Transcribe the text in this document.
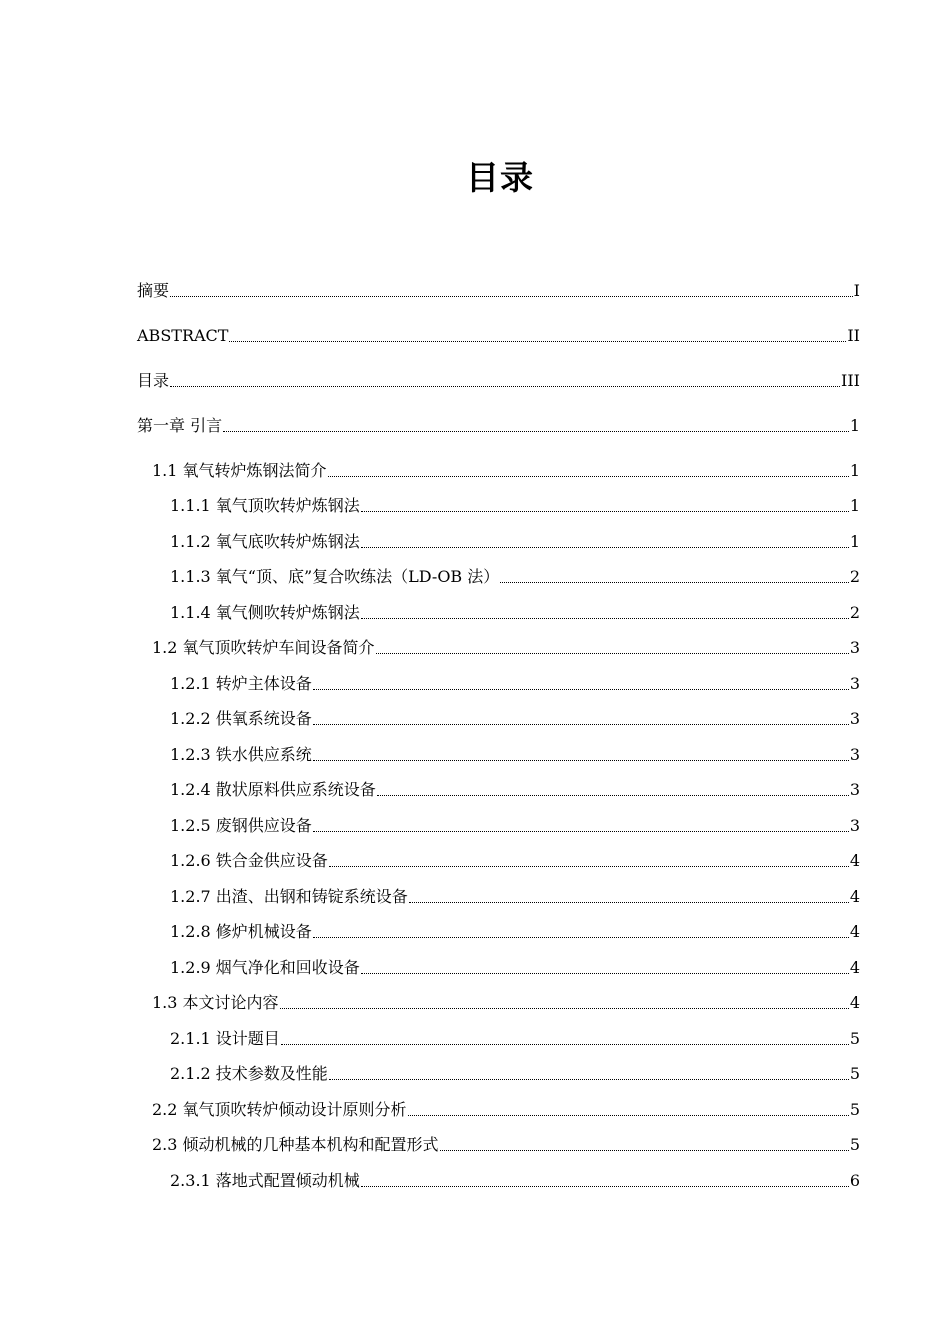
目录
摘要	I
ABSTRACT	II
目录	III
第一章 引言	1
1.1 氧气转炉炼钢法简介	1
1.1.1 氧气顶吹转炉炼钢法	1
1.1.2 氧气底吹转炉炼钢法	1
1.1.3 氧气“顶、底”复合吹练法（LD-OB 法）	2
1.1.4 氧气侧吹转炉炼钢法	2
1.2 氧气顶吹转炉车间设备简介	3
1.2.1 转炉主体设备	3
1.2.2 供氧系统设备	3
1.2.3 铁水供应系统	3
1.2.4 散状原料供应系统设备	3
1.2.5 废钢供应设备	3
1.2.6 铁合金供应设备	4
1.2.7 出渣、出钢和铸锭系统设备	4
1.2.8 修炉机械设备	4
1.2.9 烟气净化和回收设备	4
1.3 本文讨论内容	4
2.1.1 设计题目	5
2.1.2 技术参数及性能	5
2.2 氧气顶吹转炉倾动设计原则分析	5
2.3 倾动机械的几种基本机构和配置形式	5
2.3.1 落地式配置倾动机械	6
